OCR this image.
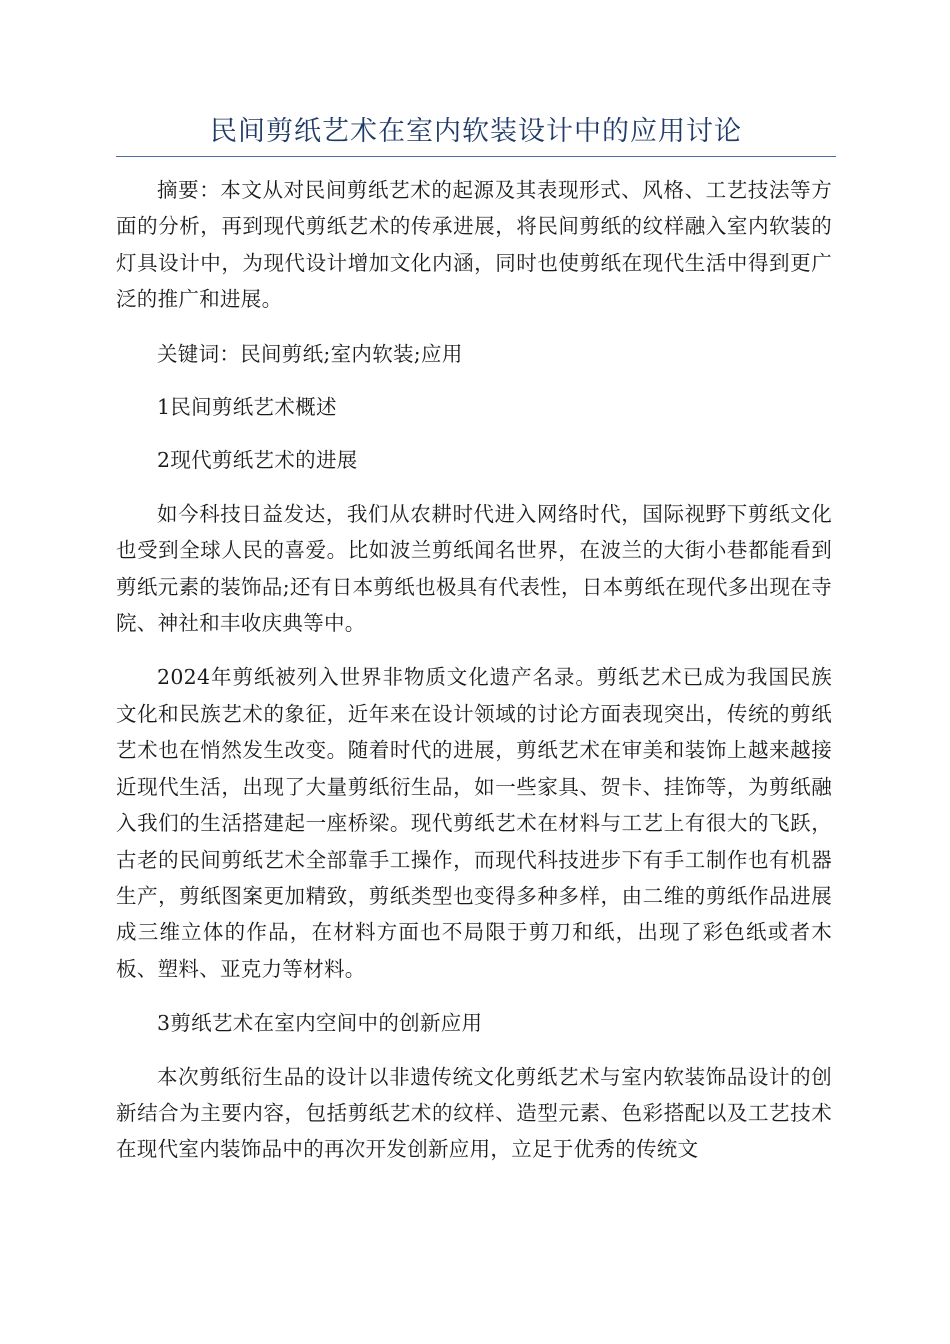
民间剪纸艺术在室内软装设计中的应用讨论

摘要：本文从对民间剪纸艺术的起源及其表现形式、风格、工艺技法等方面的分析，再到现代剪纸艺术的传承进展，将民间剪纸的纹样融入室内软装的灯具设计中，为现代设计增加文化内涵，同时也使剪纸在现代生活中得到更广泛的推广和进展。

关键词：民间剪纸;室内软装;应用

1民间剪纸艺术概述

2现代剪纸艺术的进展

如今科技日益发达，我们从农耕时代进入网络时代，国际视野下剪纸文化也受到全球人民的喜爱。比如波兰剪纸闻名世界，在波兰的大街小巷都能看到剪纸元素的装饰品;还有日本剪纸也极具有代表性，日本剪纸在现代多出现在寺院、神社和丰收庆典等中。

2024年剪纸被列入世界非物质文化遗产名录。剪纸艺术已成为我国民族文化和民族艺术的象征，近年来在设计领域的讨论方面表现突出，传统的剪纸艺术也在悄然发生改变。随着时代的进展，剪纸艺术在审美和装饰上越来越接近现代生活，出现了大量剪纸衍生品，如一些家具、贺卡、挂饰等，为剪纸融入我们的生活搭建起一座桥梁。现代剪纸艺术在材料与工艺上有很大的飞跃，古老的民间剪纸艺术全部靠手工操作，而现代科技进步下有手工制作也有机器生产，剪纸图案更加精致，剪纸类型也变得多种多样，由二维的剪纸作品进展成三维立体的作品，在材料方面也不局限于剪刀和纸，出现了彩色纸或者木板、塑料、亚克力等材料。

3剪纸艺术在室内空间中的创新应用

本次剪纸衍生品的设计以非遗传统文化剪纸艺术与室内软装饰品设计的创新结合为主要内容，包括剪纸艺术的纹样、造型元素、色彩搭配以及工艺技术在现代室内装饰品中的再次开发创新应用，立足于优秀的传统文
